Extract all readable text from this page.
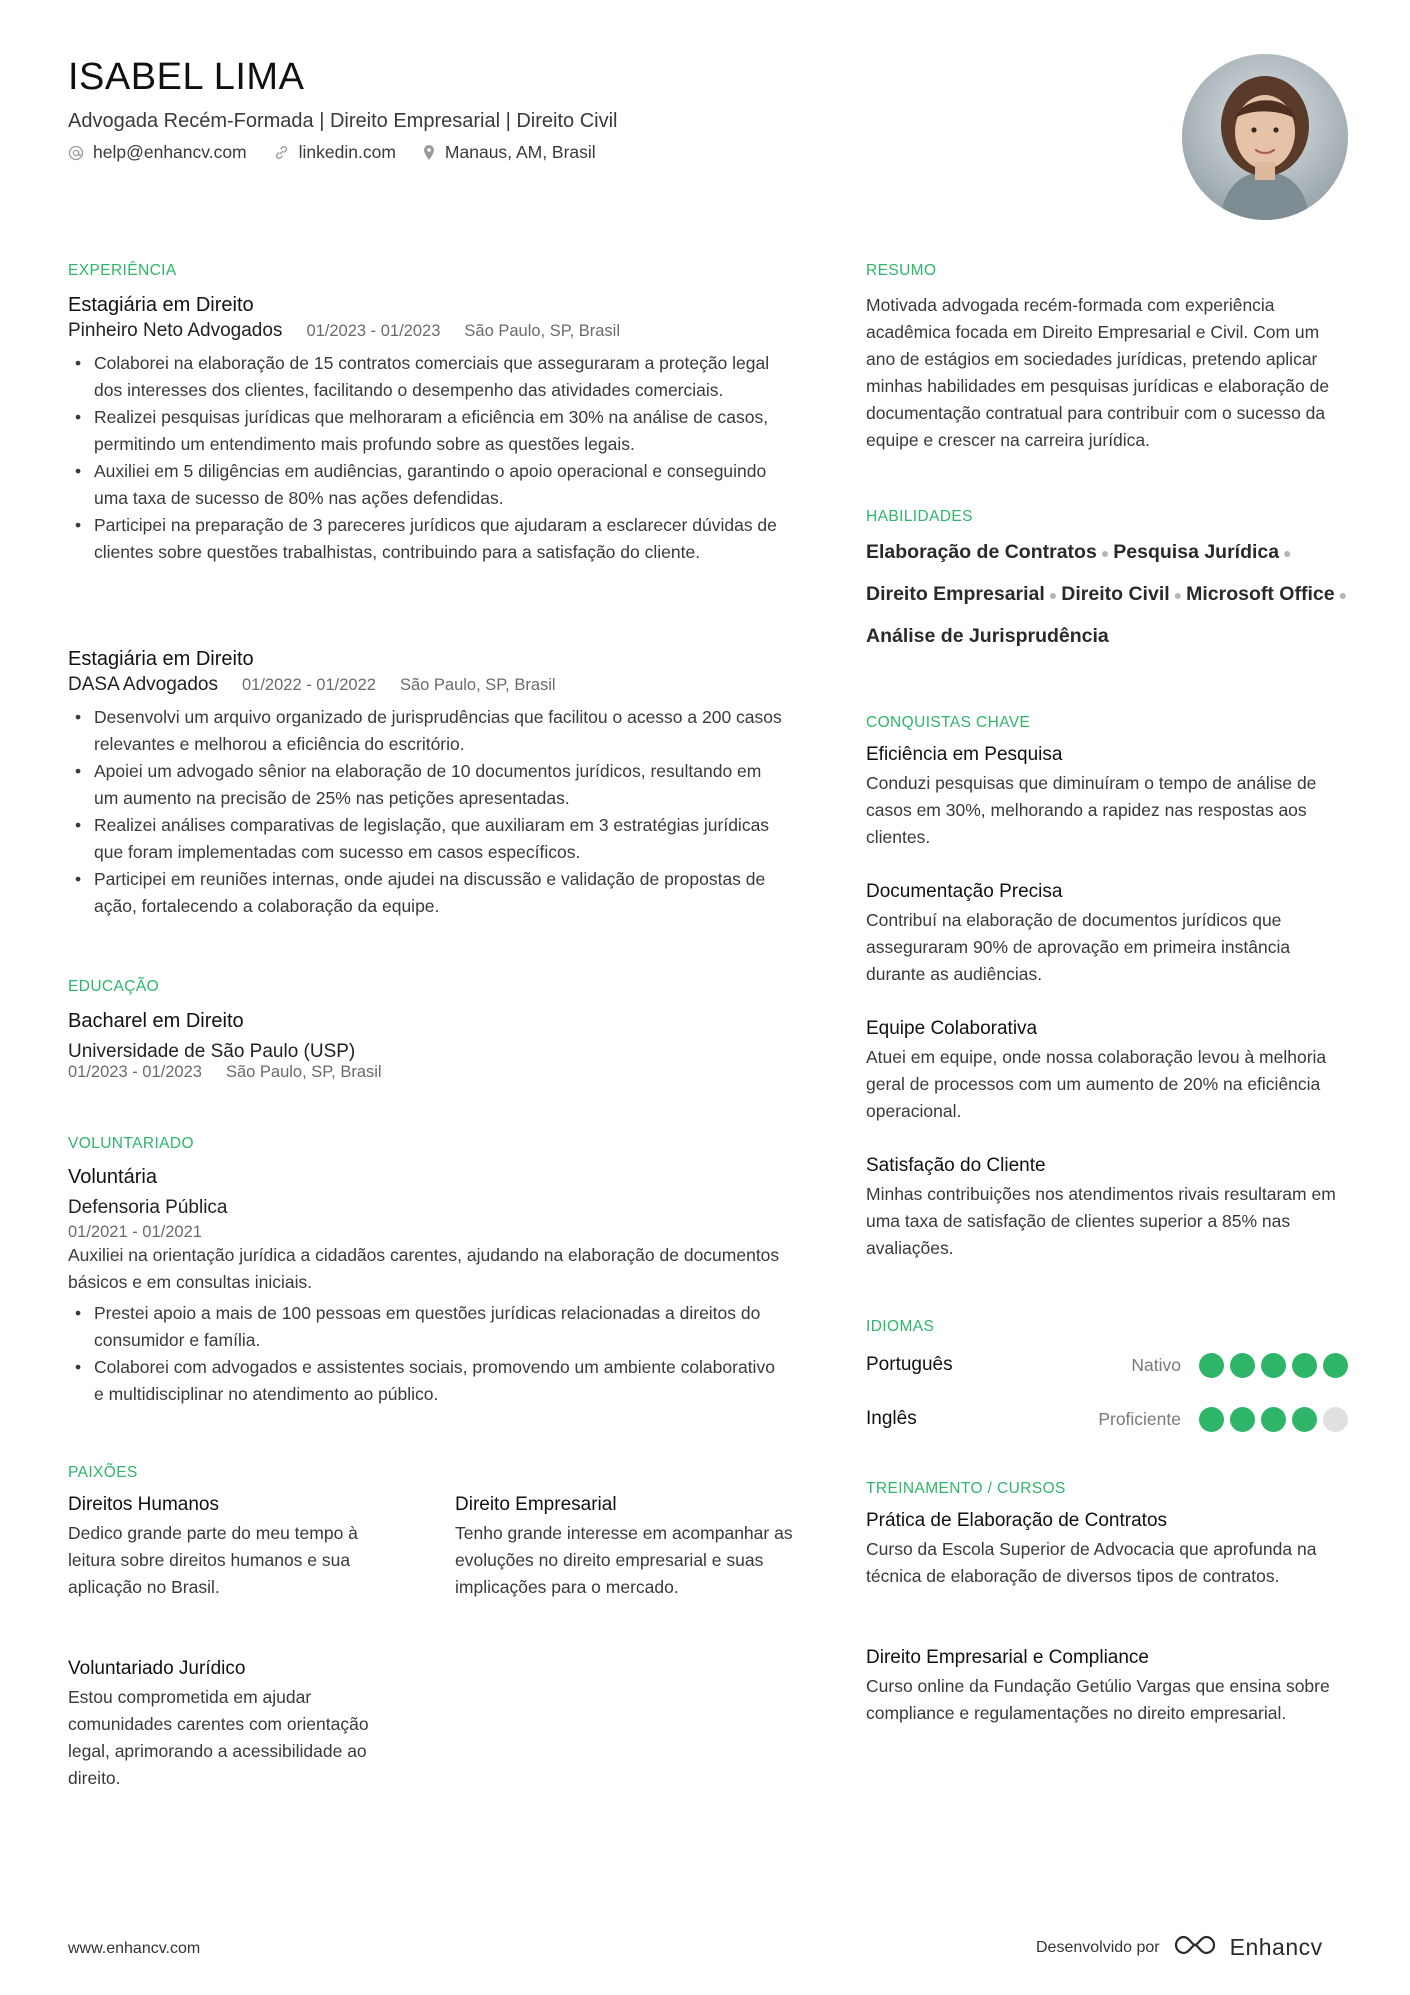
ISABEL LIMA
Advogada Recém-Formada | Direito Empresarial | Direito Civil
help@enhancv.com	linkedin.com	Manaus, AM, Brasil
EXPERIÊNCIA
Estagiária em Direito
Pinheiro Neto Advogados 01/2023 - 01/2023 São Paulo, SP, Brasil
• Colaborei na elaboração de 15 contratos comerciais que asseguraram a proteção legal dos interesses dos clientes, facilitando o desempenho das atividades comerciais.
• Realizei pesquisas jurídicas que melhoraram a eficiência em 30% na análise de casos, permitindo um entendimento mais profundo sobre as questões legais.
• Auxiliei em 5 diligências em audiências, garantindo o apoio operacional e conseguindo uma taxa de sucesso de 80% nas ações defendidas.
• Participei na preparação de 3 pareceres jurídicos que ajudaram a esclarecer dúvidas de clientes sobre questões trabalhistas, contribuindo para a satisfação do cliente.
Estagiária em Direito
DASA Advogados 01/2022 - 01/2022 São Paulo, SP, Brasil
• Desenvolvi um arquivo organizado de jurisprudências que facilitou o acesso a 200 casos relevantes e melhorou a eficiência do escritório.
• Apoiei um advogado sênior na elaboração de 10 documentos jurídicos, resultando em um aumento na precisão de 25% nas petições apresentadas.
• Realizei análises comparativas de legislação, que auxiliaram em 3 estratégias jurídicas que foram implementadas com sucesso em casos específicos.
• Participei em reuniões internas, onde ajudei na discussão e validação de propostas de ação, fortalecendo a colaboração da equipe.
EDUCAÇÃO
Bacharel em Direito
Universidade de São Paulo (USP)
01/2023 - 01/2023 São Paulo, SP, Brasil
VOLUNTARIADO
Voluntária
Defensoria Pública
01/2021 - 01/2021
Auxiliei na orientação jurídica a cidadãos carentes, ajudando na elaboração de documentos básicos e em consultas iniciais.
• Prestei apoio a mais de 100 pessoas em questões jurídicas relacionadas a direitos do consumidor e família.
• Colaborei com advogados e assistentes sociais, promovendo um ambiente colaborativo e multidisciplinar no atendimento ao público.
PAIXÕES
Direitos Humanos
Dedico grande parte do meu tempo à leitura sobre direitos humanos e sua aplicação no Brasil.
Direito Empresarial
Tenho grande interesse em acompanhar as evoluções no direito empresarial e suas implicações para o mercado.
Voluntariado Jurídico
Estou comprometida em ajudar comunidades carentes com orientação legal, aprimorando a acessibilidade ao direito.
RESUMO
Motivada advogada recém-formada com experiência acadêmica focada em Direito Empresarial e Civil. Com um ano de estágios em sociedades jurídicas, pretendo aplicar minhas habilidades em pesquisas jurídicas e elaboração de documentação contratual para contribuir com o sucesso da equipe e crescer na carreira jurídica.
HABILIDADES
Elaboração de Contratos ● Pesquisa Jurídica ●
Direito Empresarial ● Direito Civil ● Microsoft Office ●
Análise de Jurisprudência
CONQUISTAS CHAVE
Eficiência em Pesquisa
Conduzi pesquisas que diminuíram o tempo de análise de casos em 30%, melhorando a rapidez nas respostas aos clientes.
Documentação Precisa
Contribuí na elaboração de documentos jurídicos que asseguraram 90% de aprovação em primeira instância durante as audiências.
Equipe Colaborativa
Atuei em equipe, onde nossa colaboração levou à melhoria geral de processos com um aumento de 20% na eficiência operacional.
Satisfação do Cliente
Minhas contribuições nos atendimentos rivais resultaram em uma taxa de satisfação de clientes superior a 85% nas avaliações.
IDIOMAS
Português	Nativo
Inglês	Proficiente
TREINAMENTO / CURSOS
Prática de Elaboração de Contratos
Curso da Escola Superior de Advocacia que aprofunda na técnica de elaboração de diversos tipos de contratos.
Direito Empresarial e Compliance
Curso online da Fundação Getúlio Vargas que ensina sobre compliance e regulamentações no direito empresarial.
www.enhancv.com	Desenvolvido por	Enhancv
